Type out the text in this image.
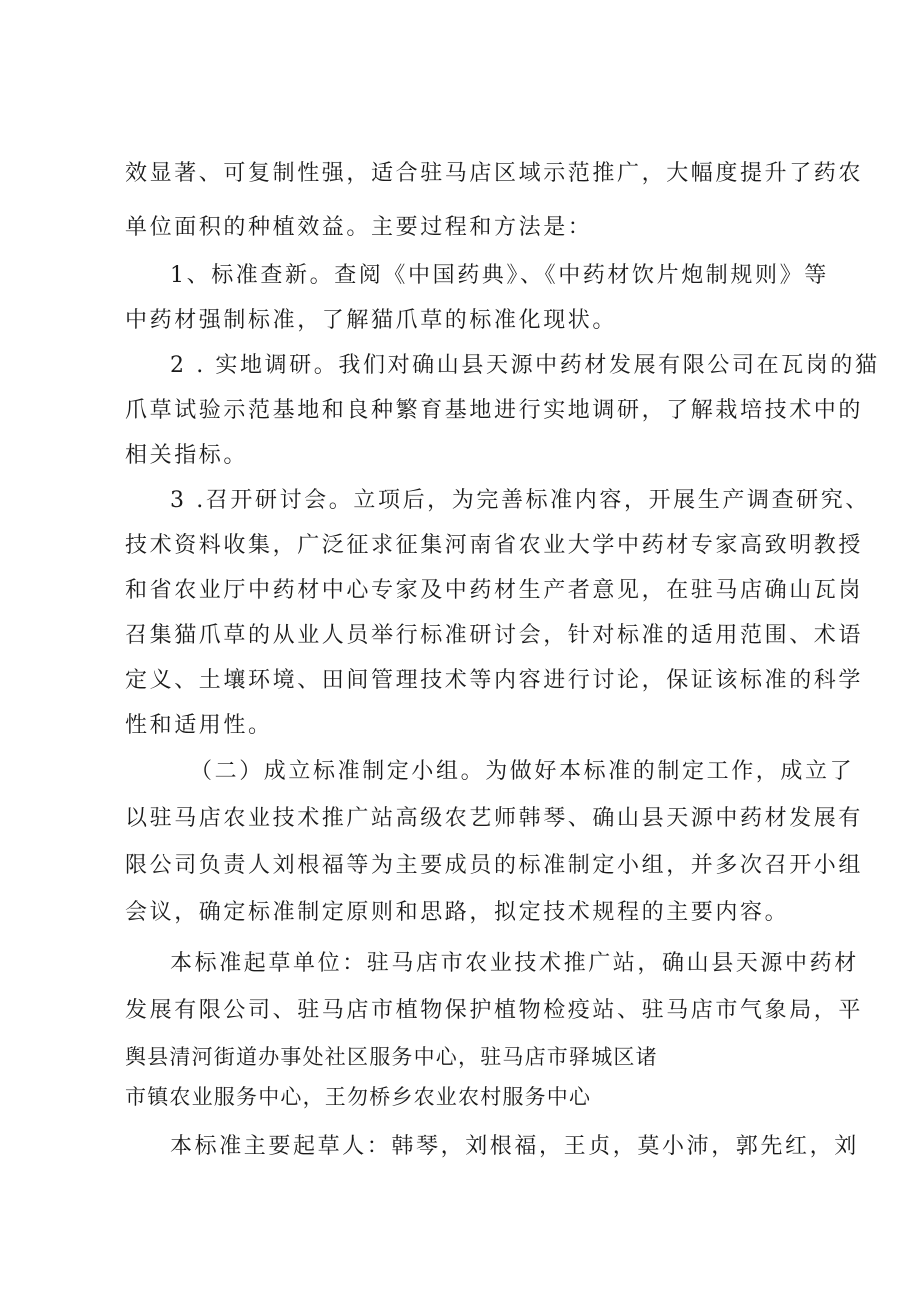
效显著、可复制性强，适合驻马店区域示范推广，大幅度提升了药农
单位面积的种植效益。主要过程和方法是：
1、标准查新。查阅《中国药典》、《中药材饮片炮制规则》等
中药材强制标准，了解猫爪草的标准化现状。
2 . 实地调研。我们对确山县天源中药材发展有限公司在瓦岗的猫
爪草试验示范基地和良种繁育基地进行实地调研，了解栽培技术中的
相关指标。
3 .召开研讨会。立项后，为完善标准内容，开展生产调查研究、
技术资料收集，广泛征求征集河南省农业大学中药材专家高致明教授
和省农业厅中药材中心专家及中药材生产者意见，在驻马店确山瓦岗
召集猫爪草的从业人员举行标准研讨会，针对标准的适用范围、术语
定义、土壤环境、田间管理技术等内容进行讨论，保证该标准的科学
性和适用性。
（二）成立标准制定小组。为做好本标准的制定工作，成立了
以驻马店农业技术推广站高级农艺师韩琴、确山县天源中药材发展有
限公司负责人刘根福等为主要成员的标准制定小组，并多次召开小组
会议，确定标准制定原则和思路，拟定技术规程的主要内容。
本标准起草单位：驻马店市农业技术推广站，确山县天源中药材
发展有限公司、驻马店市植物保护植物检疫站、驻马店市气象局，平
舆县清河街道办事处社区服务中心，驻马店市驿城区诸
市镇农业服务中心，王勿桥乡农业农村服务中心
本标准主要起草人：韩琴，刘根福，王贞，莫小沛，郭先红，刘
